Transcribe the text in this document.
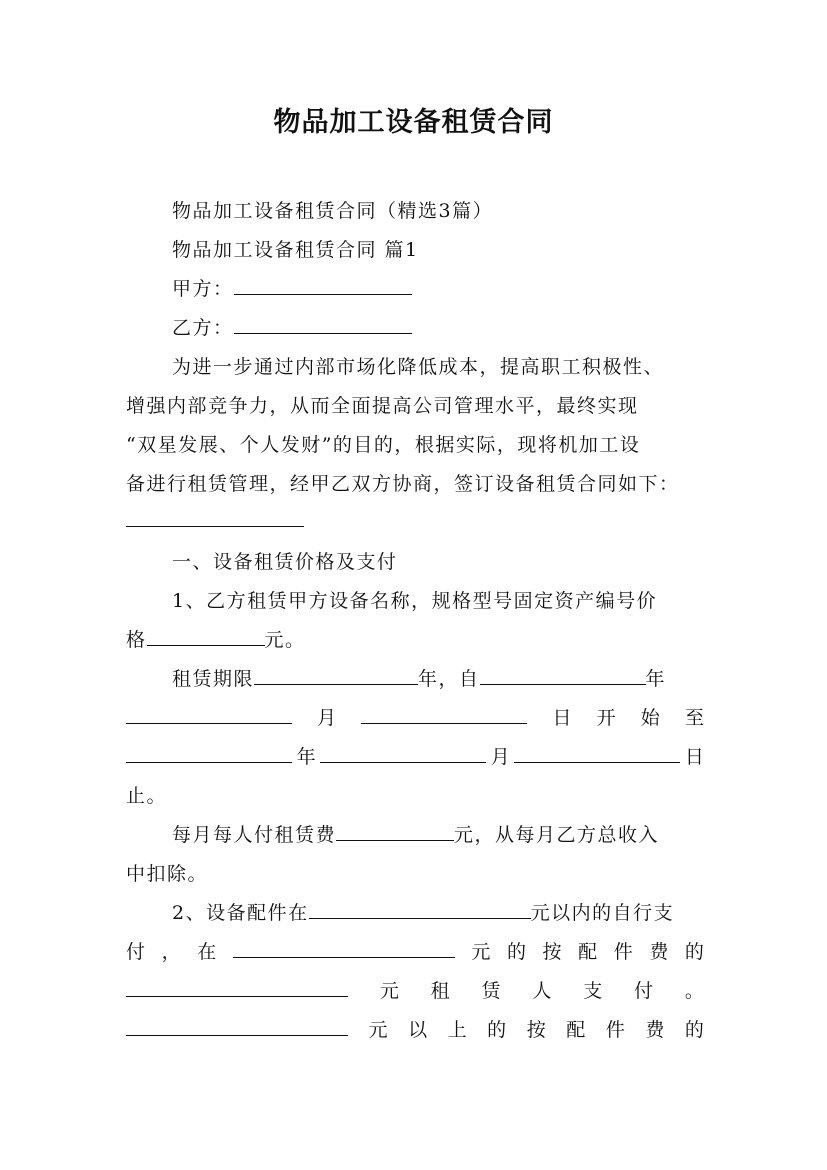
物品加工设备租赁合同
物品加工设备租赁合同（精选3篇）
物品加工设备租赁合同 篇1
甲方：
乙方：
为进一步通过内部市场化降低成本，提高职工积极性、
增强内部竞争力，从而全面提高公司管理水平，最终实现
“双星发展、个人发财”的目的，根据实际，现将机加工设
备进行租赁管理，经甲乙双方协商，签订设备租赁合同如下：
一、设备租赁价格及支付
1、乙方租赁甲方设备名称，规格型号固定资产编号价
格	元。
租赁期限	年，自	年
月	日 开 始 至
年	月	日
止。
每月每人付租赁费	元，从每月乙方总收入
中扣除。
2、设备配件在	元以内的自行支
付 ， 在	元 的 按 配 件 费 的
元 租 赁 人 支 付 。
元 以 上 的 按 配 件 费 的
